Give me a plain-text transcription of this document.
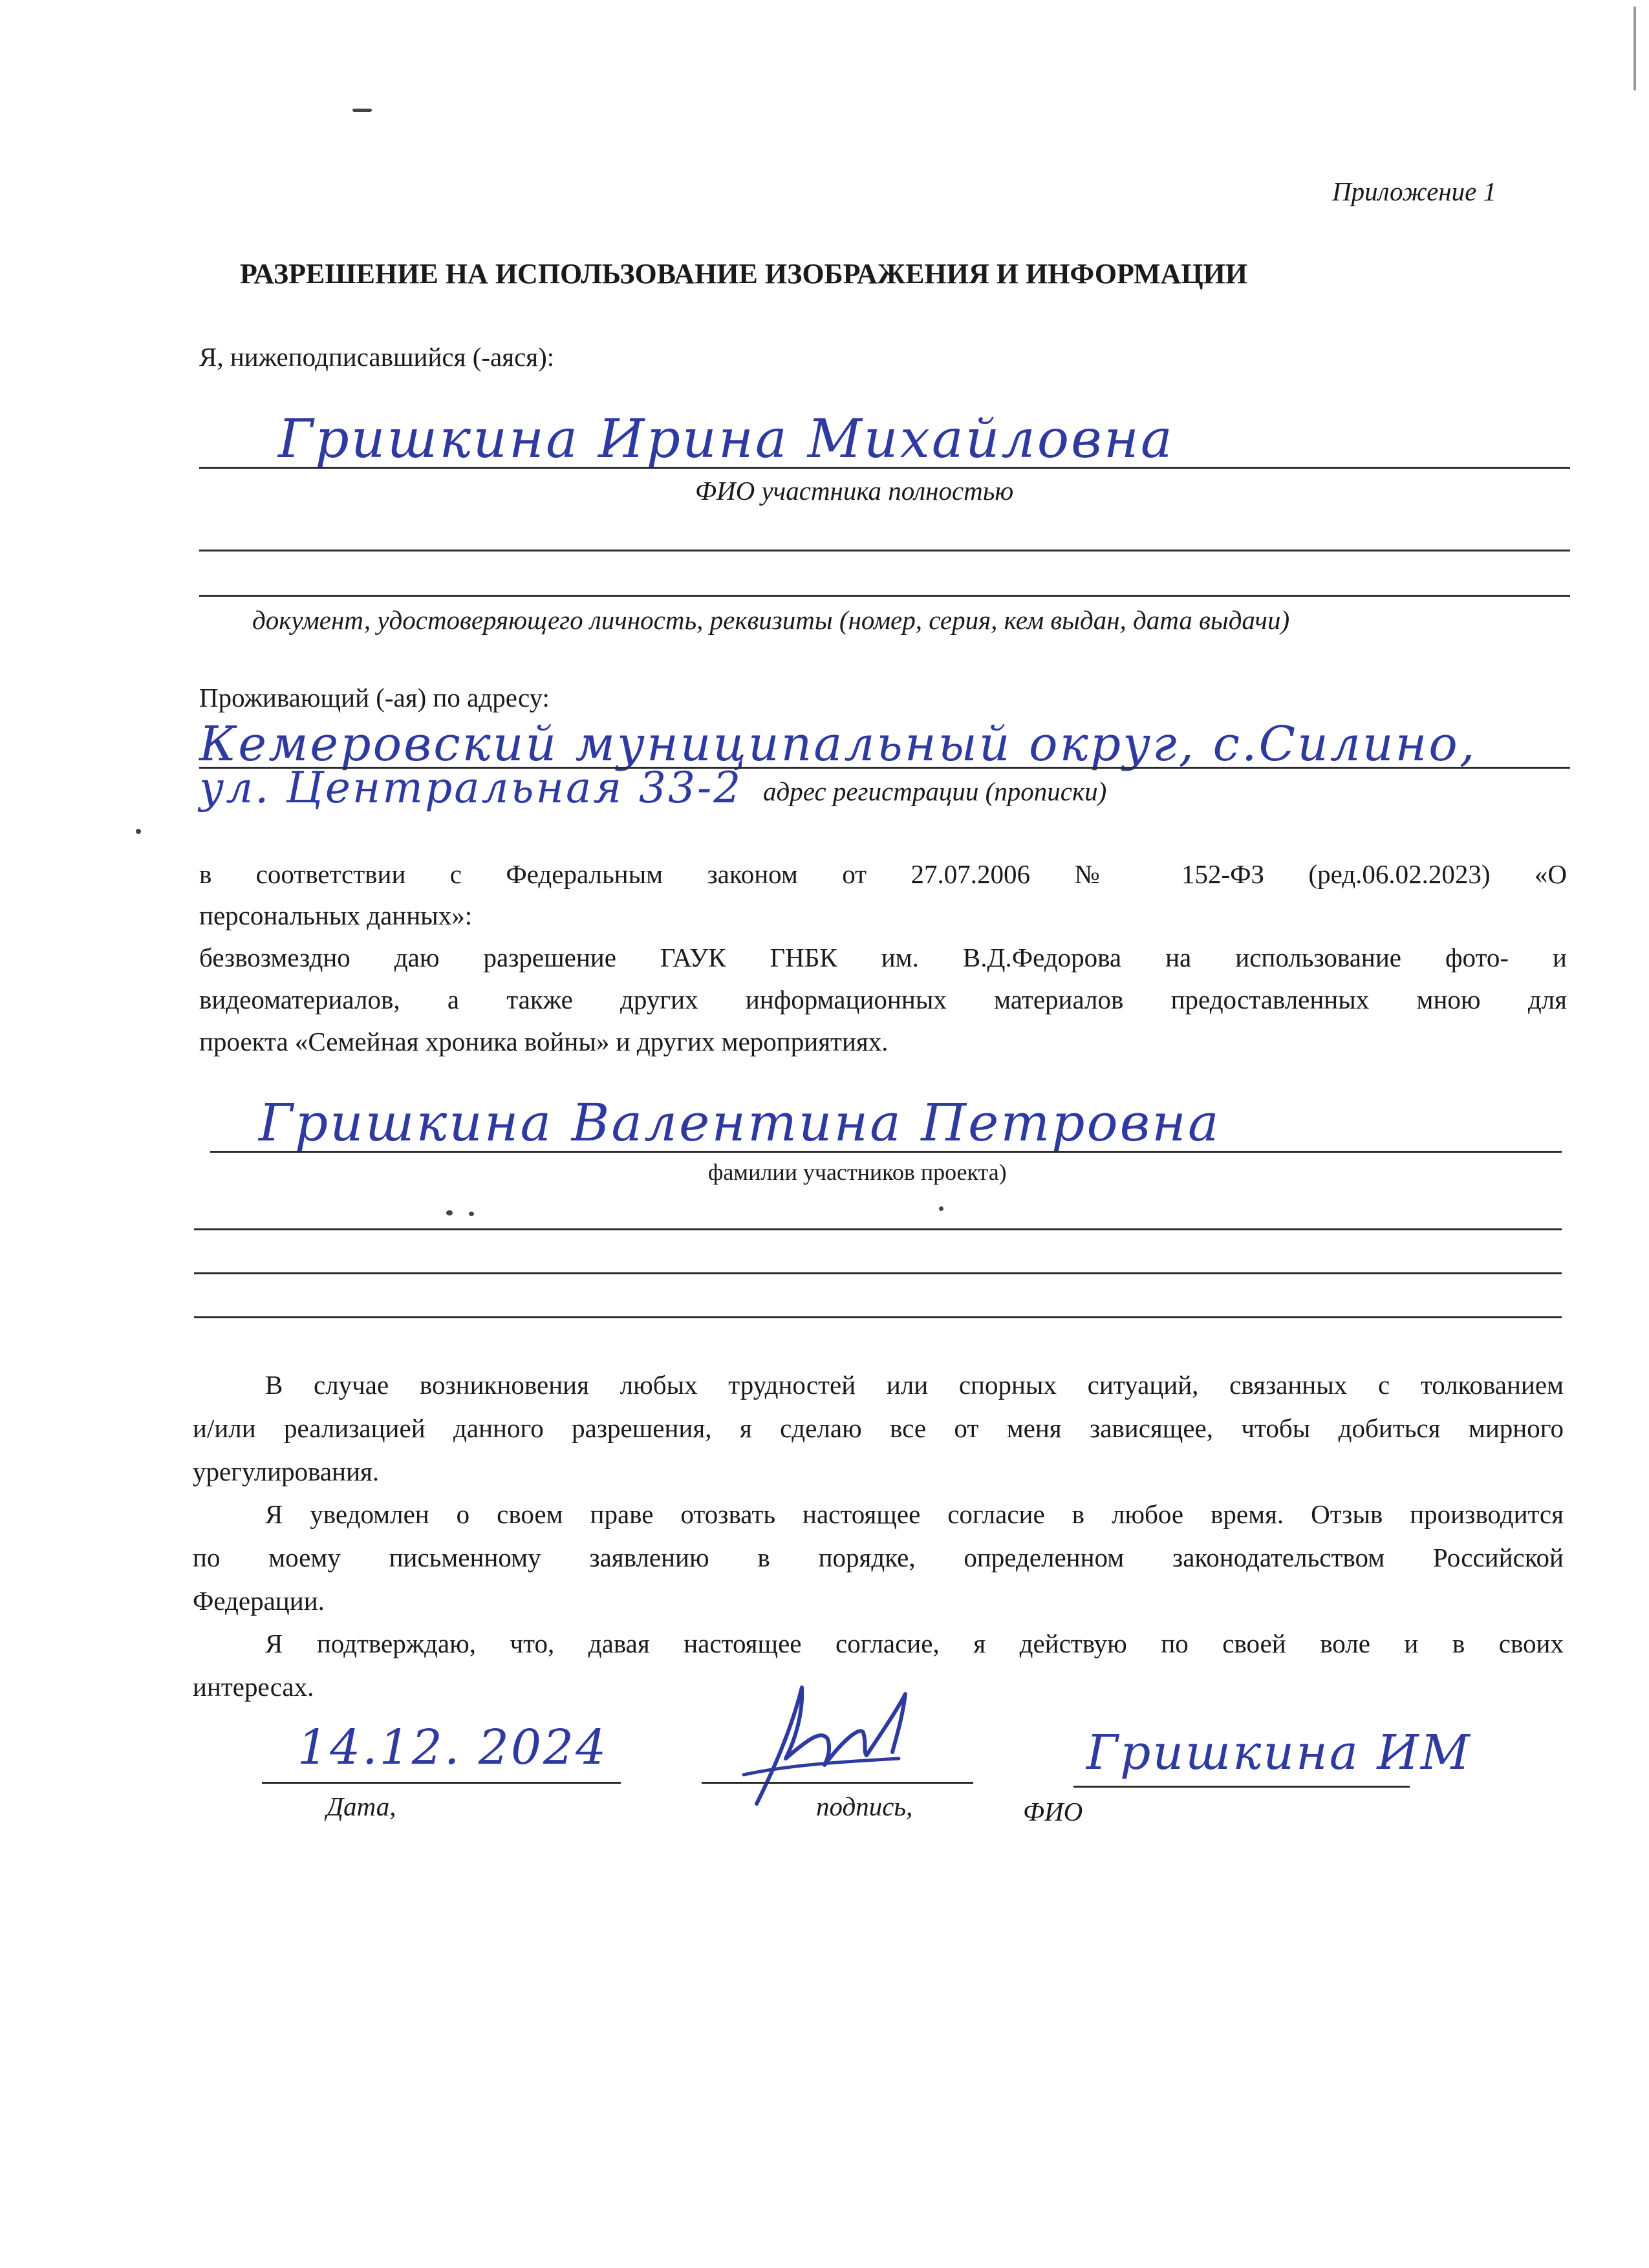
Приложение 1
РАЗРЕШЕНИЕ НА ИСПОЛЬЗОВАНИЕ ИЗОБРАЖЕНИЯ И ИНФОРМАЦИИ
Я, нижеподписавшийся (-аяся):
Гришкина Ирина Михайловна
ФИО участника полностью
документ, удостоверяющего личность, реквизиты (номер, серия, кем выдан, дата выдачи)
Проживающий (-ая) по адресу:
Кемеровский муниципальный округ, с.Силино,
ул. Центральная 33-2 адрес регистрации (прописки)
в соответствии с Федеральным законом от 27.07.2006 № 152-ФЗ (ред.06.02.2023) «О
персональных данных»:
безвозмездно даю разрешение ГАУК ГНБК им. В.Д.Федорова на использование фото- и
видеоматериалов, а также других информационных материалов предоставленных мною для
проекта «Семейная хроника войны» и других мероприятиях.
Гришкина Валентина Петровна
фамилии участников проекта)
В случае возникновения любых трудностей или спорных ситуаций, связанных с толкованием
и/или реализацией данного разрешения, я сделаю все от меня зависящее, чтобы добиться мирного
урегулирования.
Я уведомлен о своем праве отозвать настоящее согласие в любое время. Отзыв производится
по моему письменному заявлению в порядке, определенном законодательством Российской
Федерации.
Я подтверждаю, что, давая настоящее согласие, я действую по своей воле и в своих
интересах.
14.12. 2024
Дата,	подпись,
Гришкина ИМ
ФИО
